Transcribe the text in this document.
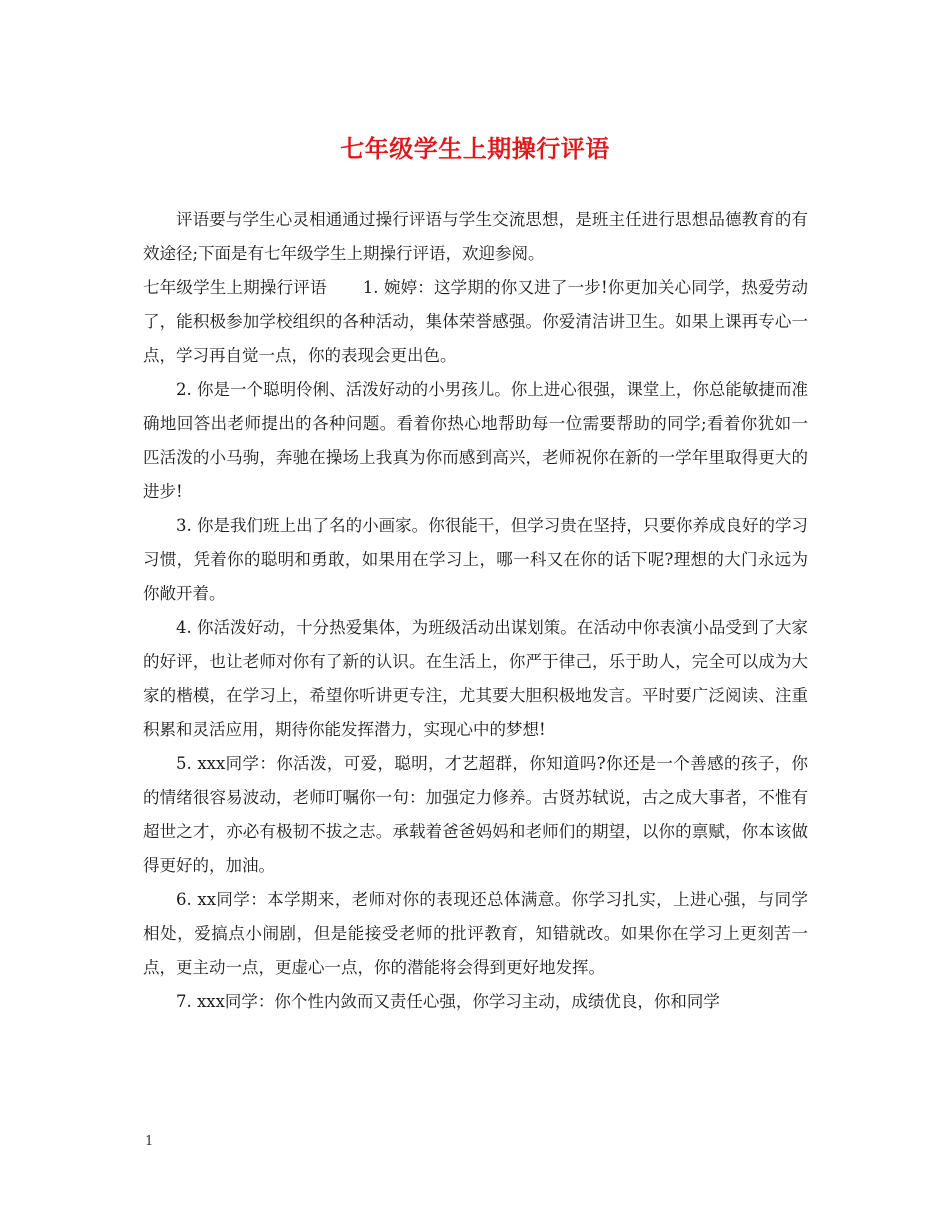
七年级学生上期操行评语

评语要与学生心灵相通通过操行评语与学生交流思想，是班主任进行思想品德教育的有效途径;下面是有七年级学生上期操行评语，欢迎参阅。

七年级学生上期操行评语 1. 婉婷：这学期的你又进了一步!你更加关心同学，热爱劳动了，能积极参加学校组织的各种活动，集体荣誉感强。你爱清洁讲卫生。如果上课再专心一点，学习再自觉一点，你的表现会更出色。

2. 你是一个聪明伶俐、活泼好动的小男孩儿。你上进心很强，课堂上，你总能敏捷而准确地回答出老师提出的各种问题。看着你热心地帮助每一位需要帮助的同学;看着你犹如一匹活泼的小马驹，奔驰在操场上我真为你而感到高兴，老师祝你在新的一学年里取得更大的进步!

3. 你是我们班上出了名的小画家。你很能干，但学习贵在坚持，只要你养成良好的学习习惯，凭着你的聪明和勇敢，如果用在学习上，哪一科又在你的话下呢?理想的大门永远为你敞开着。

4. 你活泼好动，十分热爱集体，为班级活动出谋划策。在活动中你表演小品受到了大家的好评，也让老师对你有了新的认识。在生活上，你严于律己，乐于助人，完全可以成为大家的楷模，在学习上，希望你听讲更专注，尤其要大胆积极地发言。平时要广泛阅读、注重积累和灵活应用，期待你能发挥潜力，实现心中的梦想!

5. xxx同学：你活泼，可爱，聪明，才艺超群，你知道吗?你还是一个善感的孩子，你的情绪很容易波动，老师叮嘱你一句：加强定力修养。古贤苏轼说，古之成大事者，不惟有超世之才，亦必有极韧不拔之志。承载着爸爸妈妈和老师们的期望，以你的禀赋，你本该做得更好的，加油。

6. xx同学：本学期来，老师对你的表现还总体满意。你学习扎实，上进心强，与同学相处，爱搞点小闹剧，但是能接受老师的批评教育，知错就改。如果你在学习上更刻苦一点，更主动一点，更虚心一点，你的潜能将会得到更好地发挥。

7. xxx同学：你个性内敛而又责任心强，你学习主动，成绩优良，你和同学

1
